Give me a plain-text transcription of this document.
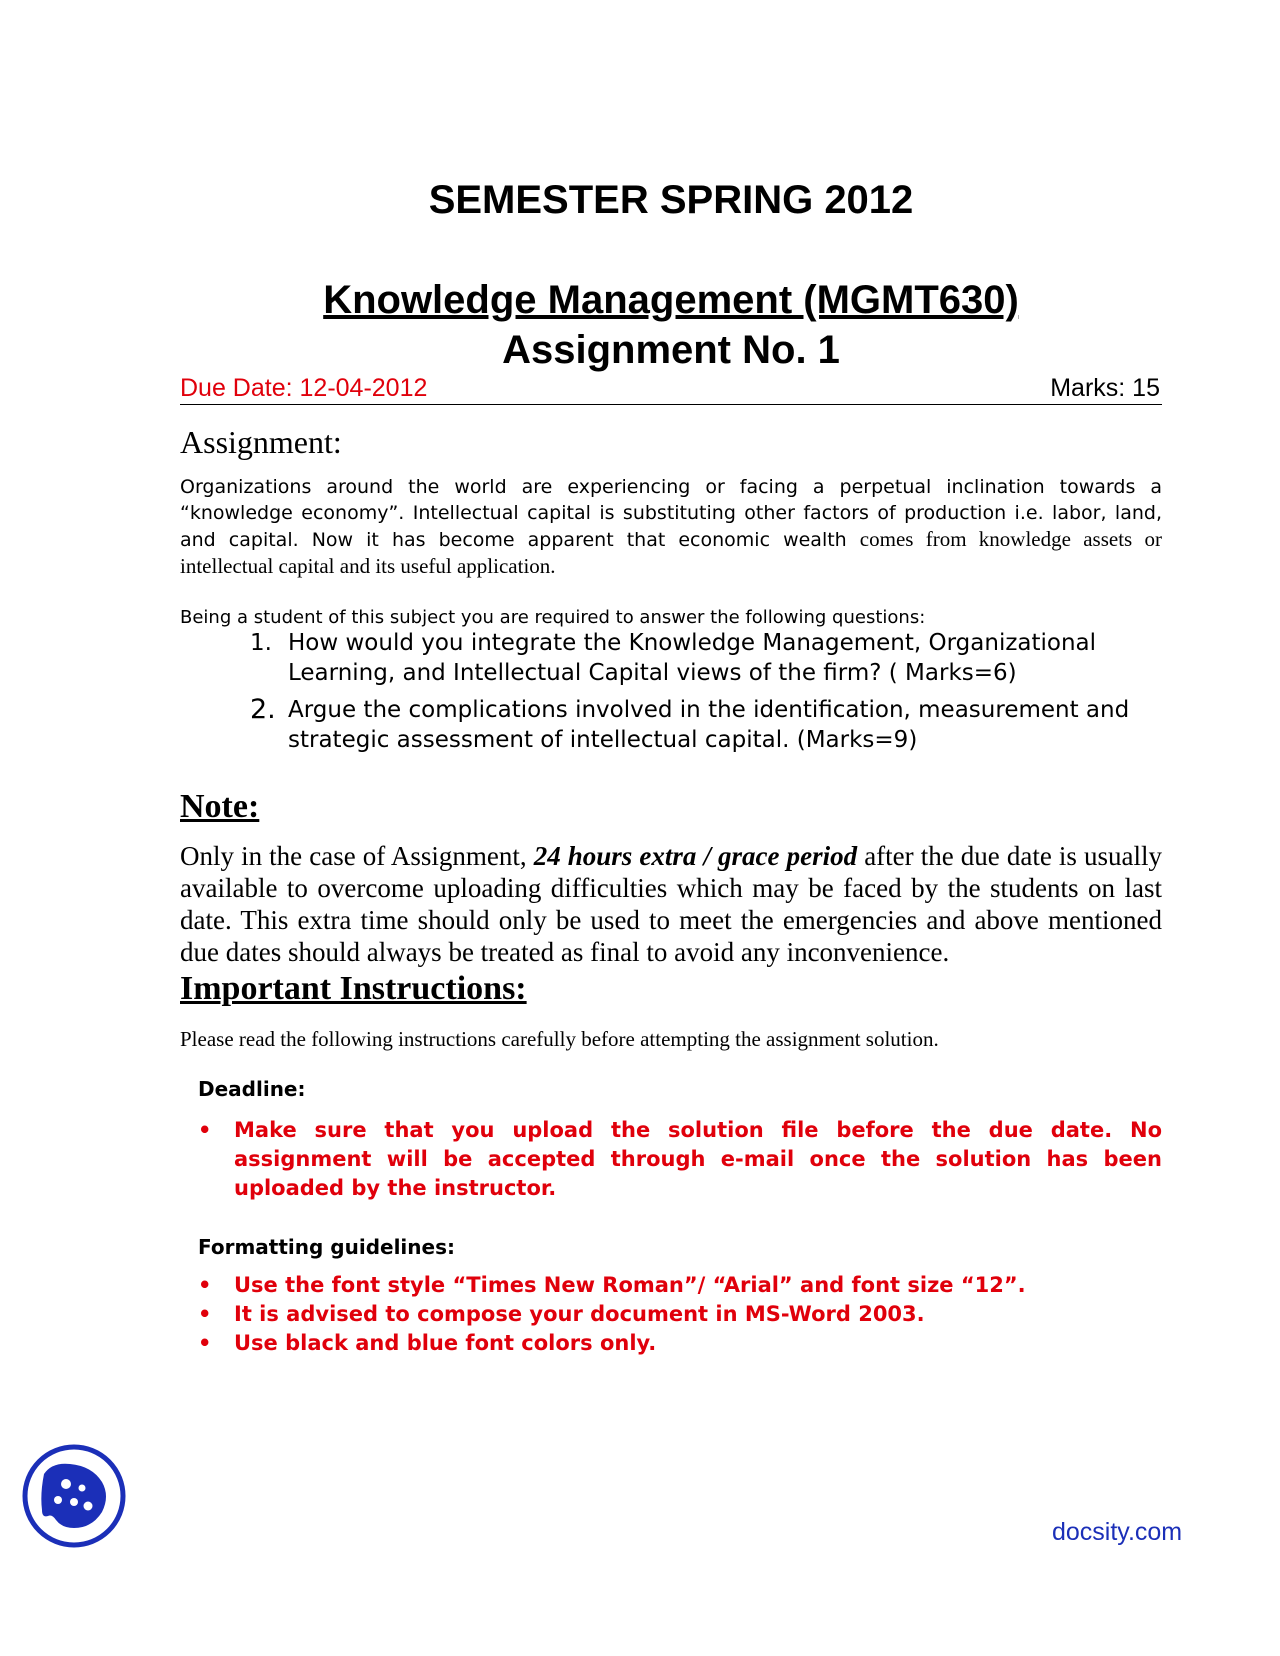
SEMESTER SPRING 2012
Knowledge Management (MGMT630)
Assignment No. 1
Due Date: 12-04-2012	Marks: 15
Assignment:
Organizations around the world are experiencing or facing a perpetual inclination towards a “knowledge economy”. Intellectual capital is substituting other factors of production i.e. labor, land, and capital. Now it has become apparent that economic wealth comes from knowledge assets or intellectual capital and its useful application.
Being a student of this subject you are required to answer the following questions:
1. How would you integrate the Knowledge Management, Organizational Learning, and Intellectual Capital views of the firm? ( Marks=6)
2. Argue the complications involved in the identification, measurement and strategic assessment of intellectual capital. (Marks=9)
Note:
Only in the case of Assignment, 24 hours extra / grace period after the due date is usually available to overcome uploading difficulties which may be faced by the students on last date. This extra time should only be used to meet the emergencies and above mentioned due dates should always be treated as final to avoid any inconvenience.
Important Instructions:
Please read the following instructions carefully before attempting the assignment solution.
Deadline:
• Make sure that you upload the solution file before the due date. No assignment will be accepted through e-mail once the solution has been uploaded by the instructor.
Formatting guidelines:
• Use the font style “Times New Roman”/ “Arial” and font size “12”.
• It is advised to compose your document in MS-Word 2003.
• Use black and blue font colors only.
docsity.com
